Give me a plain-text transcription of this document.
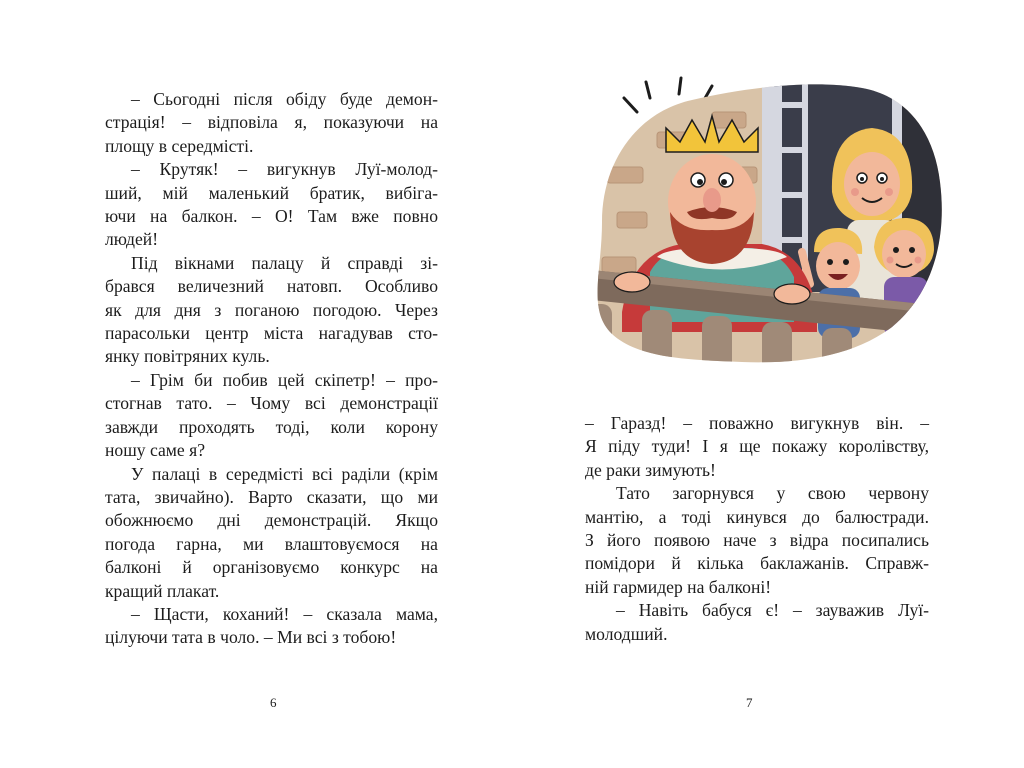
– Сьогодні після обіду буде демон-
страція! – відповіла я, показуючи на
площу в середмісті.
– Крутяк! – вигукнув Луї-молод-
ший, мій маленький братик, вибіга-
ючи на балкон. – О! Там вже повно
людей!
Під вікнами палацу й справді зі-
брався величезний натовп. Особливо
як для дня з поганою погодою. Через
парасольки центр міста нагадував сто-
янку повітряних куль.
– Грім би побив цей скіпетр! – про-
стогнав тато. – Чому всі демонстрації
завжди проходять тоді, коли корону
ношу саме я?
У палаці в середмісті всі раділи (крім
тата, звичайно). Варто сказати, що ми
обожнюємо дні демонстрацій. Якщо
погода гарна, ми влаштовуємося на
балконі й організовуємо конкурс на
кращий плакат.
– Щасти, коханий! – сказала мама,
цілуючи тата в чоло. – Ми всі з тобою!
6
– Гаразд! – поважно вигукнув він. –
Я піду туди! І я ще покажу королівству,
де раки зимують!
Тато загорнувся у свою червону
мантію, а тоді кинувся до балюстради.
З його появою наче з відра посипались
помідори й кілька баклажанів. Справж-
ній гармидер на балконі!
– Навіть бабуся є! – зауважив Луї-
молодший.
7
